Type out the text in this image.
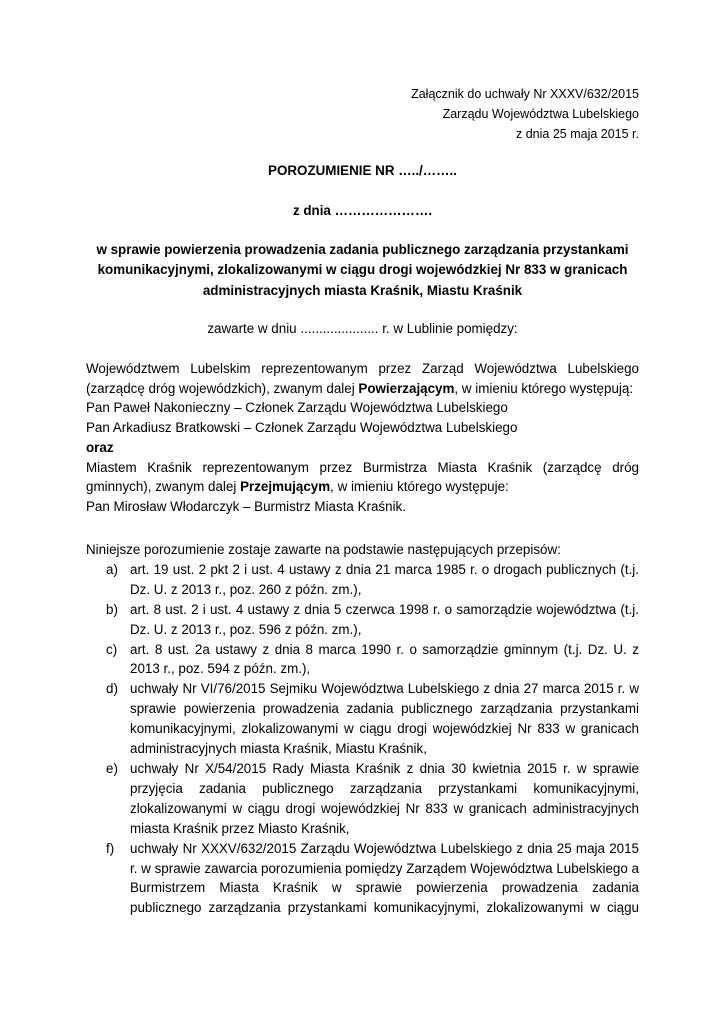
Załącznik do uchwały Nr XXXV/632/2015
Zarządu Województwa Lubelskiego
z dnia 25 maja 2015 r.
POROZUMIENIE NR …../……..
z dnia ………………….
w sprawie powierzenia prowadzenia zadania publicznego zarządzania przystankami
komunikacyjnymi, zlokalizowanymi w ciągu drogi wojewódzkiej Nr 833 w granicach
administracyjnych miasta Kraśnik, Miastu Kraśnik
zawarte w dniu ..................... r. w Lublinie pomiędzy:

Województwem Lubelskim reprezentowanym przez Zarząd Województwa Lubelskiego (zarządcę dróg wojewódzkich), zwanym dalej Powierzającym, w imieniu którego występują:

Pan Paweł Nakonieczny – Członek Zarządu Województwa Lubelskiego

Pan Arkadiusz Bratkowski – Członek Zarządu Województwa Lubelskiego

oraz

Miastem Kraśnik reprezentowanym przez Burmistrza Miasta Kraśnik (zarządcę dróg gminnych), zwanym dalej Przejmującym, w imieniu którego występuje:

Pan Mirosław Włodarczyk – Burmistrz Miasta Kraśnik.

Niniejsze porozumienie zostaje zawarte na podstawie następujących przepisów:

a) art. 19 ust. 2 pkt 2 i ust. 4 ustawy z dnia 21 marca 1985 r. o drogach publicznych (t.j. Dz. U. z 2013 r., poz. 260 z późn. zm.),
b) art. 8 ust. 2 i ust. 4 ustawy z dnia 5 czerwca 1998 r. o samorządzie województwa (t.j. Dz. U. z 2013 r., poz. 596 z późn. zm.),
c) art. 8 ust. 2a ustawy z dnia 8 marca 1990 r. o samorządzie gminnym (t.j. Dz. U. z 2013 r., poz. 594 z późn. zm.),
d) uchwały Nr VI/76/2015 Sejmiku Województwa Lubelskiego z dnia 27 marca 2015 r. w sprawie powierzenia prowadzenia zadania publicznego zarządzania przystankami komunikacyjnymi, zlokalizowanymi w ciągu drogi wojewódzkiej Nr 833 w granicach administracyjnych miasta Kraśnik, Miastu Kraśnik,
e) uchwały Nr X/54/2015 Rady Miasta Kraśnik z dnia 30 kwietnia 2015 r. w sprawie przyjęcia zadania publicznego zarządzania przystankami komunikacyjnymi, zlokalizowanymi w ciągu drogi wojewódzkiej Nr 833 w granicach administracyjnych miasta Kraśnik przez Miasto Kraśnik,
f) uchwały Nr XXXV/632/2015 Zarządu Województwa Lubelskiego z dnia 25 maja 2015 r. w sprawie zawarcia porozumienia pomiędzy Zarządem Województwa Lubelskiego a Burmistrzem Miasta Kraśnik w sprawie powierzenia prowadzenia zadania publicznego zarządzania przystankami komunikacyjnymi, zlokalizowanymi w ciągu
